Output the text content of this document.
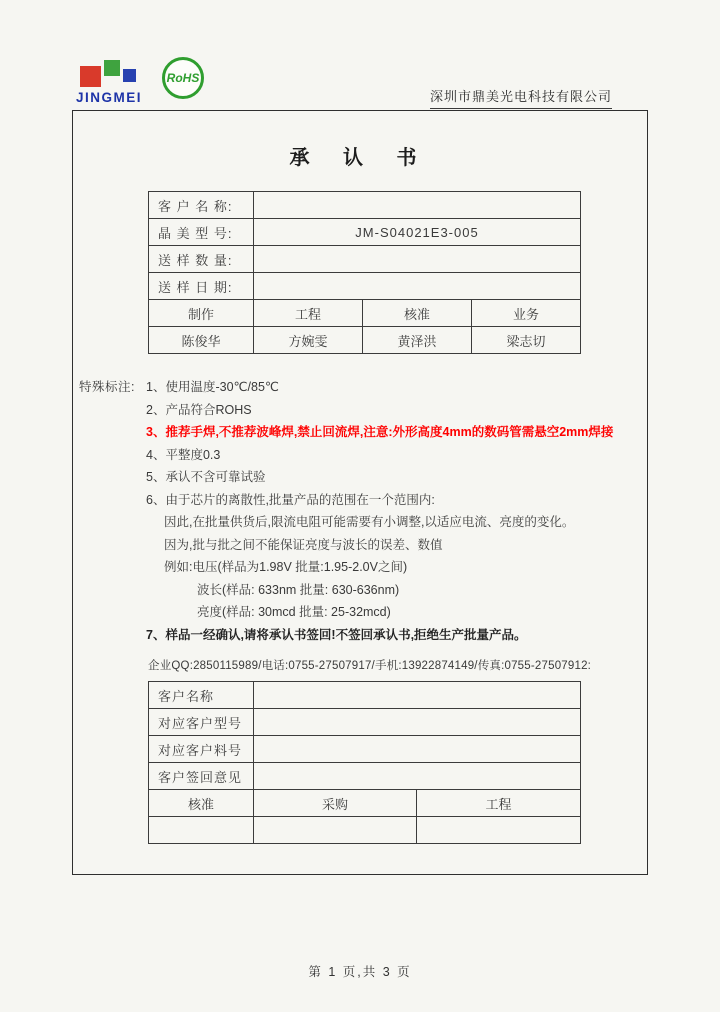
JINGMEI
RoHS
深圳市鼎美光电科技有限公司
承 认 书
客 户 名 称:			
晶 美 型 号:	JM-S04021E3-005		
送 样 数 量:			
送 样 日 期:			
制作	工程	核准	业务
陈俊华	方婉雯	黄泽洪	梁志切
特殊标注: 1、使用温度-30℃/85℃
2、产品符合ROHS
3、推荐手焊,不推荐波峰焊,禁止回流焊,注意:外形高度4mm的数码管需悬空2mm焊接
4、平整度0.3
5、承认不含可靠试验
6、由于芯片的离散性,批量产品的范围在一个范围内:
因此,在批量供货后,限流电阻可能需要有小调整,以适应电流、亮度的变化。
因为,批与批之间不能保证亮度与波长的误差、数值
例如:电压(样品为1.98V 批量:1.95-2.0V之间)
波长(样品: 633nm 批量: 630-636nm)
亮度(样品: 30mcd 批量: 25-32mcd)
7、样品一经确认,请将承认书签回!不签回承认书,拒绝生产批量产品。
企业QQ:2850115989/电话:0755-27507917/手机:13922874149/传真:0755-27507912:
客户名称		
对应客户型号		
对应客户料号		
客户签回意见		
核准	采购	工程

第 1 页,共 3 页
